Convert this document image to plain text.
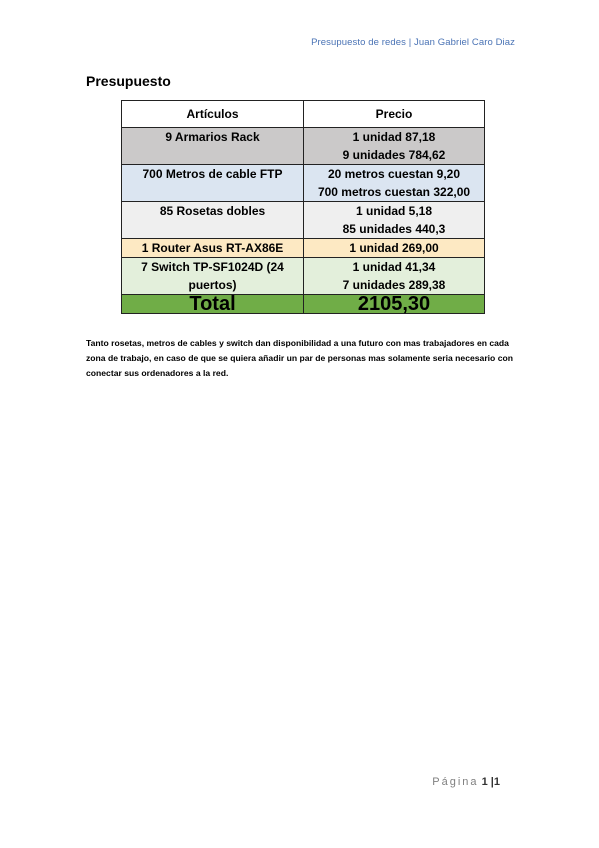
Presupuesto de redes | Juan Gabriel Caro Diaz
Presupuesto
Artículos	Precio

9 Armarios Rack	1 unidad 87,18
9 unidades 784,62

700 Metros de cable FTP	20 metros cuestan 9,20
700 metros cuestan 322,00

85 Rosetas dobles	1 unidad 5,18
85 unidades 440,3

1 Router Asus RT-AX86E	1 unidad 269,00

7 Switch TP-SF1024D (24
puertos)	1 unidad 41,34
7 unidades 289,38

Total	2105,30
Tanto rosetas, metros de cables y switch dan disponibilidad a una futuro con mas trabajadores en cada zona de trabajo, en caso de que se quiera añadir un par de personas mas solamente seria necesario con conectar sus ordenadores a la red.
Página 1 |1
